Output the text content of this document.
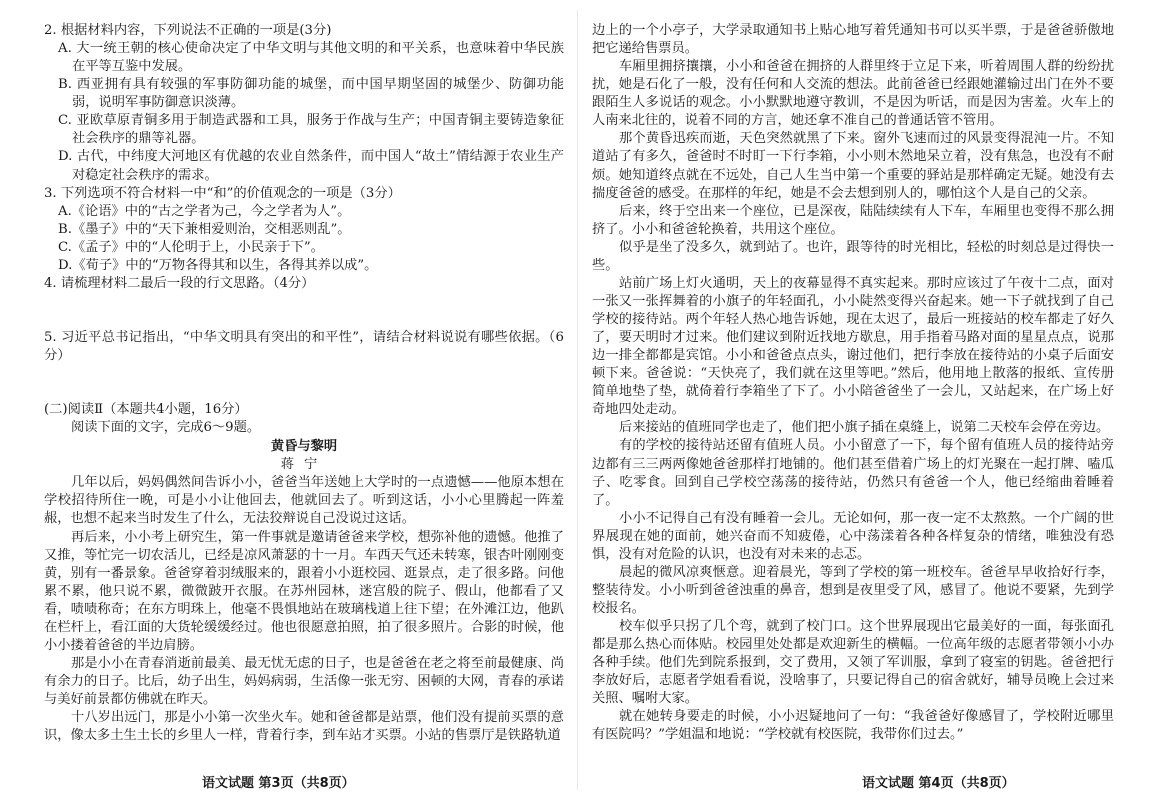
2. 根据材料内容，下列说法不正确的一项是(3分)

A. 大一统王朝的核心使命决定了中华文明与其他文明的和平关系，也意味着中华民族在平等互鉴中发展。

B. 西亚拥有具有较强的军事防御功能的城堡，而中国早期坚固的城堡少、防御功能弱，说明军事防御意识淡薄。

C. 亚欧草原青铜多用于制造武器和工具，服务于作战与生产；中国青铜主要铸造象征社会秩序的鼎等礼器。

D. 古代，中纬度大河地区有优越的农业自然条件，而中国人“故土”情结源于农业生产对稳定社会秩序的需求。

3. 下列选项不符合材料一中“和”的价值观念的一项是（3分）

A.《论语》中的“古之学者为己，今之学者为人”。

B.《墨子》中的“天下兼相爱则治，交相恶则乱”。

C.《孟子》中的“人伦明于上，小民亲于下”。

D.《荀子》中的“万物各得其和以生，各得其养以成”。

4. 请梳理材料二最后一段的行文思路。（4分）

5. 习近平总书记指出，“中华文明具有突出的和平性”，请结合材料说说有哪些依据。（6分）

(二)阅读Ⅱ（本题共4小题，16分）

阅读下面的文字，完成6～9题。

黄昏与黎明

蒋宁

几年以后，妈妈偶然间告诉小小，爸爸当年送她上大学时的一点遗憾——他原本想在学校招待所住一晚，可是小小让他回去，他就回去了。听到这话，小小心里腾起一阵羞赧，也想不起来当时发生了什么，无法狡辩说自己没说过这话。

再后来，小小考上研究生，第一件事就是邀请爸爸来学校，想弥补他的遗憾。他推了又推，等忙完一切农活儿，已经是凉风萧瑟的十一月。车西天气还未转寒，银杏叶刚刚变黄，别有一番景象。爸爸穿着羽绒服来的，跟着小小逛校园、逛景点，走了很多路。问他累不累，他只说不累，微微跛开衣服。在苏州园林，迷宫般的院子、假山，他都看了又看，啧啧称奇；在东方明珠上，他毫不畏惧地站在玻璃栈道上往下望；在外滩江边，他趴在栏杆上，看江面的大货轮缓缓经过。他也很愿意拍照，拍了很多照片。合影的时候，他小小搂着爸爸的半边肩膀。

那是小小在青春消逝前最美、最无忧无虑的日子，也是爸爸在老之将至前最健康、尚有余力的日子。比后，幼子出生，妈妈病弱，生活像一张无穷、困顿的大网，青春的承诺与美好前景都仿佛就在昨天。

十八岁出远门，那是小小第一次坐火车。她和爸爸都是站票，他们没有提前买票的意识，像太多土生土长的乡里人一样，背着行李，到车站才买票。小站的售票厅是铁路轨道

边上的一个小亭子，大学录取通知书上贴心地写着凭通知书可以买半票，于是爸爸骄傲地把它递给售票员。

车厢里拥挤攘攘，小小和爸爸在拥挤的人群里终于立足下来，听着周围人群的纷纷扰扰，她是石化了一般，没有任何和人交流的想法。此前爸爸已经跟她灌输过出门在外不要跟陌生人多说话的观念。小小默默地遵守教训，不是因为听话，而是因为害羞。火车上的人南来北往的，说着不同的方言，她还拿不准自己的普通话管不管用。

那个黄昏迅疾而逝，天色突然就黑了下来。窗外飞速而过的风景变得混沌一片。不知道站了有多久，爸爸时不时盯一下行李箱，小小则木然地呆立着，没有焦急，也没有不耐烦。她知道终点就在不远处，自己人生当中第一个重要的驿站是那样确定无疑。她没有去揣度爸爸的感受。在那样的年纪，她是不会去想到别人的，哪怕这个人是自己的父亲。

后来，终于空出来一个座位，已是深夜，陆陆续续有人下车，车厢里也变得不那么拥挤了。小小和爸爸轮换着，共用这个座位。

似乎是坐了没多久，就到站了。也许，跟等待的时光相比，轻松的时刻总是过得快一些。

站前广场上灯火通明，天上的夜幕显得不真实起来。那时应该过了午夜十二点，面对一张又一张挥舞着的小旗子的年轻面孔，小小陡然变得兴奋起来。她一下子就找到了自己学校的接待站。两个年轻人热心地告诉她，现在太迟了，最后一班接站的校车都走了好久了，要天明时才过来。他们建议到附近找地方歇息，用手指着马路对面的星星点点，说那边一排全都都是宾馆。小小和爸爸点点头，谢过他们，把行李放在接待站的小桌子后面安顿下来。爸爸说：“天快亮了，我们就在这里等吧。”然后，他用地上散落的报纸、宣传册简单地垫了垫，就倚着行李箱坐了下了。小小陪爸爸坐了一会儿，又站起来，在广场上好奇地四处走动。

后来接站的值班同学也走了，他们把小旗子插在桌缝上，说第二天校车会停在旁边。

有的学校的接待站还留有值班人员。小小留意了一下，每个留有值班人员的接待站旁边都有三三两两像她爸爸那样打地铺的。他们甚至借着广场上的灯光聚在一起打牌、嗑瓜子、吃零食。回到自己学校空荡荡的接待站，仍然只有爸爸一个人，他已经缩曲着睡着了。

小小不记得自己有没有睡着一会儿。无论如何，那一夜一定不太熬熬。一个广阔的世界展现在她的面前，她兴奋而不知疲倦，心中荡漾着各种各样复杂的情绪，唯独没有恐惧，没有对危险的认识，也没有对未来的忐忑。

晨起的微风凉爽惬意。迎着晨光，等到了学校的第一班校车。爸爸早早收拾好行李，整装待发。小小听到爸爸浊重的鼻音，想到是夜里受了风，感冒了。他说不要紧，先到学校报名。

校车似乎只拐了几个弯，就到了校门口。这个世界展现出它最美好的一面，每张面孔都是那么热心而体贴。校园里处处都是欢迎新生的横幅。一位高年级的志愿者带领小小办各种手续。他们先到院系报到，交了费用，又领了军训服，拿到了寝室的钥匙。爸爸把行李放好后，志愿者学姐看看说，没啥事了，只要记得自己的宿舍就好，辅导员晚上会过来关照、嘱咐大家。

就在她转身要走的时候，小小迟疑地问了一句：“我爸爸好像感冒了，学校附近哪里有医院吗？”学姐温和地说：“学校就有校医院，我带你们过去。”

语文试题 第3页（共8页）	语文试题 第4页（共8页）
